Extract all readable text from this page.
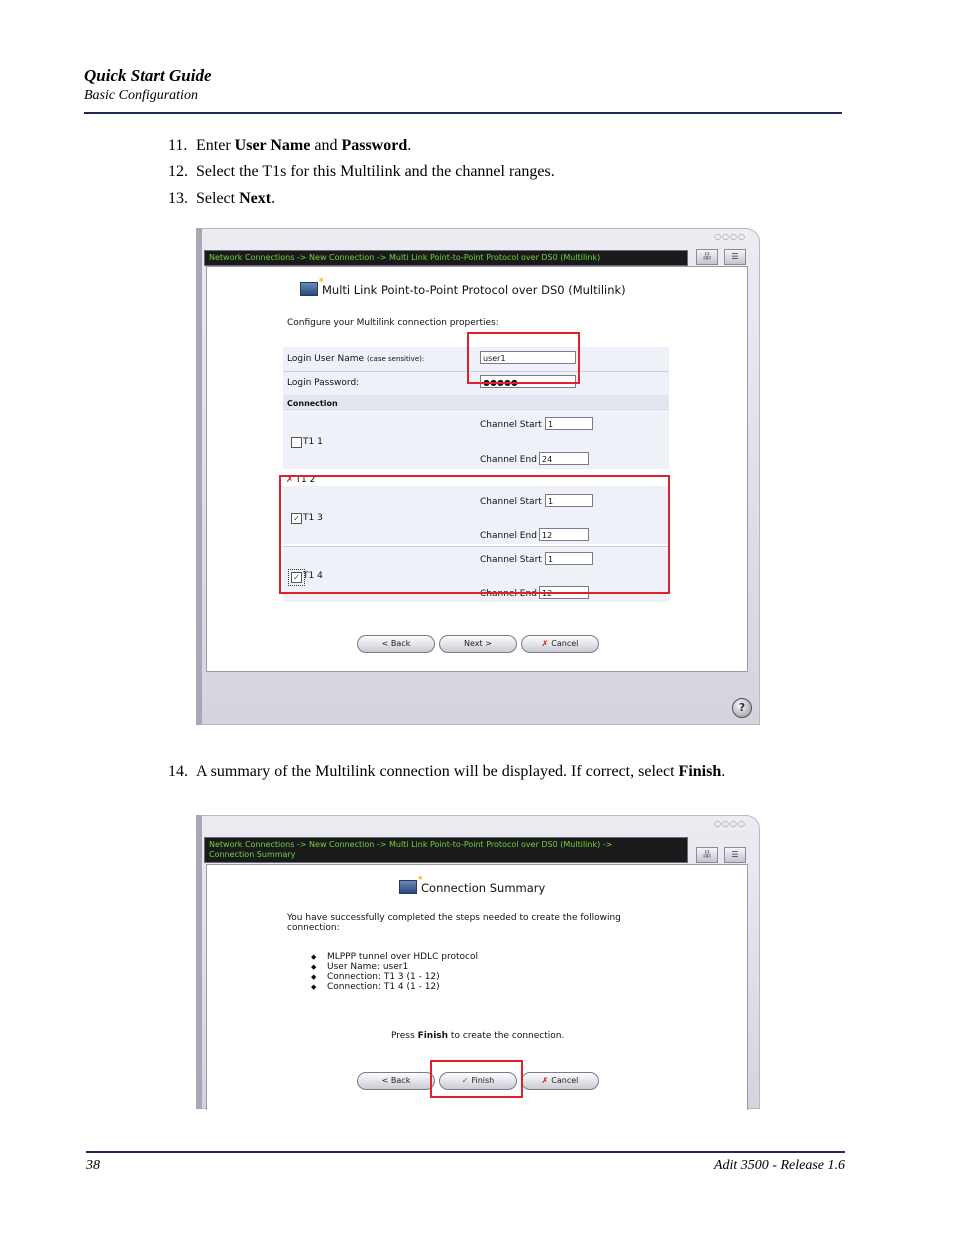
Quick Start Guide
Basic Configuration
11. Enter User Name and Password.
12. Select the T1s for this Multilink and the channel ranges.
13. Select Next.
○○○○
Network Connections -> New Connection -> Multi Link Point-to-Point Protocol over DS0 (Multilink)	品	☰
✶Multi Link Point-to-Point Protocol over DS0 (Multilink)
Configure your Multilink connection properties:
Login User Name (case sensitive):	user1
Login Password:	●●●●●
Connection
T1 1
Channel Start 1
Channel End 24
✗ T1 2
✓ T1 3
Channel Start 1
Channel End 12
✓ T1 4
Channel Start 1
Channel End 12
< Back	Next >	✗ Cancel
?
14. A summary of the Multilink connection will be displayed. If correct, select Finish.
○○○○
Network Connections -> New Connection -> Multi Link Point-to-Point Protocol over DS0 (Multilink) ->
Connection Summary	品	☰
✶Connection Summary
You have successfully completed the steps needed to create the following
connection:
◆ MLPPP tunnel over HDLC protocol
◆ User Name: user1
◆ Connection: T1 3 (1 - 12)
◆ Connection: T1 4 (1 - 12)
Press Finish to create the connection.
< Back	✓ Finish	✗ Cancel
38	Adit 3500 - Release 1.6
